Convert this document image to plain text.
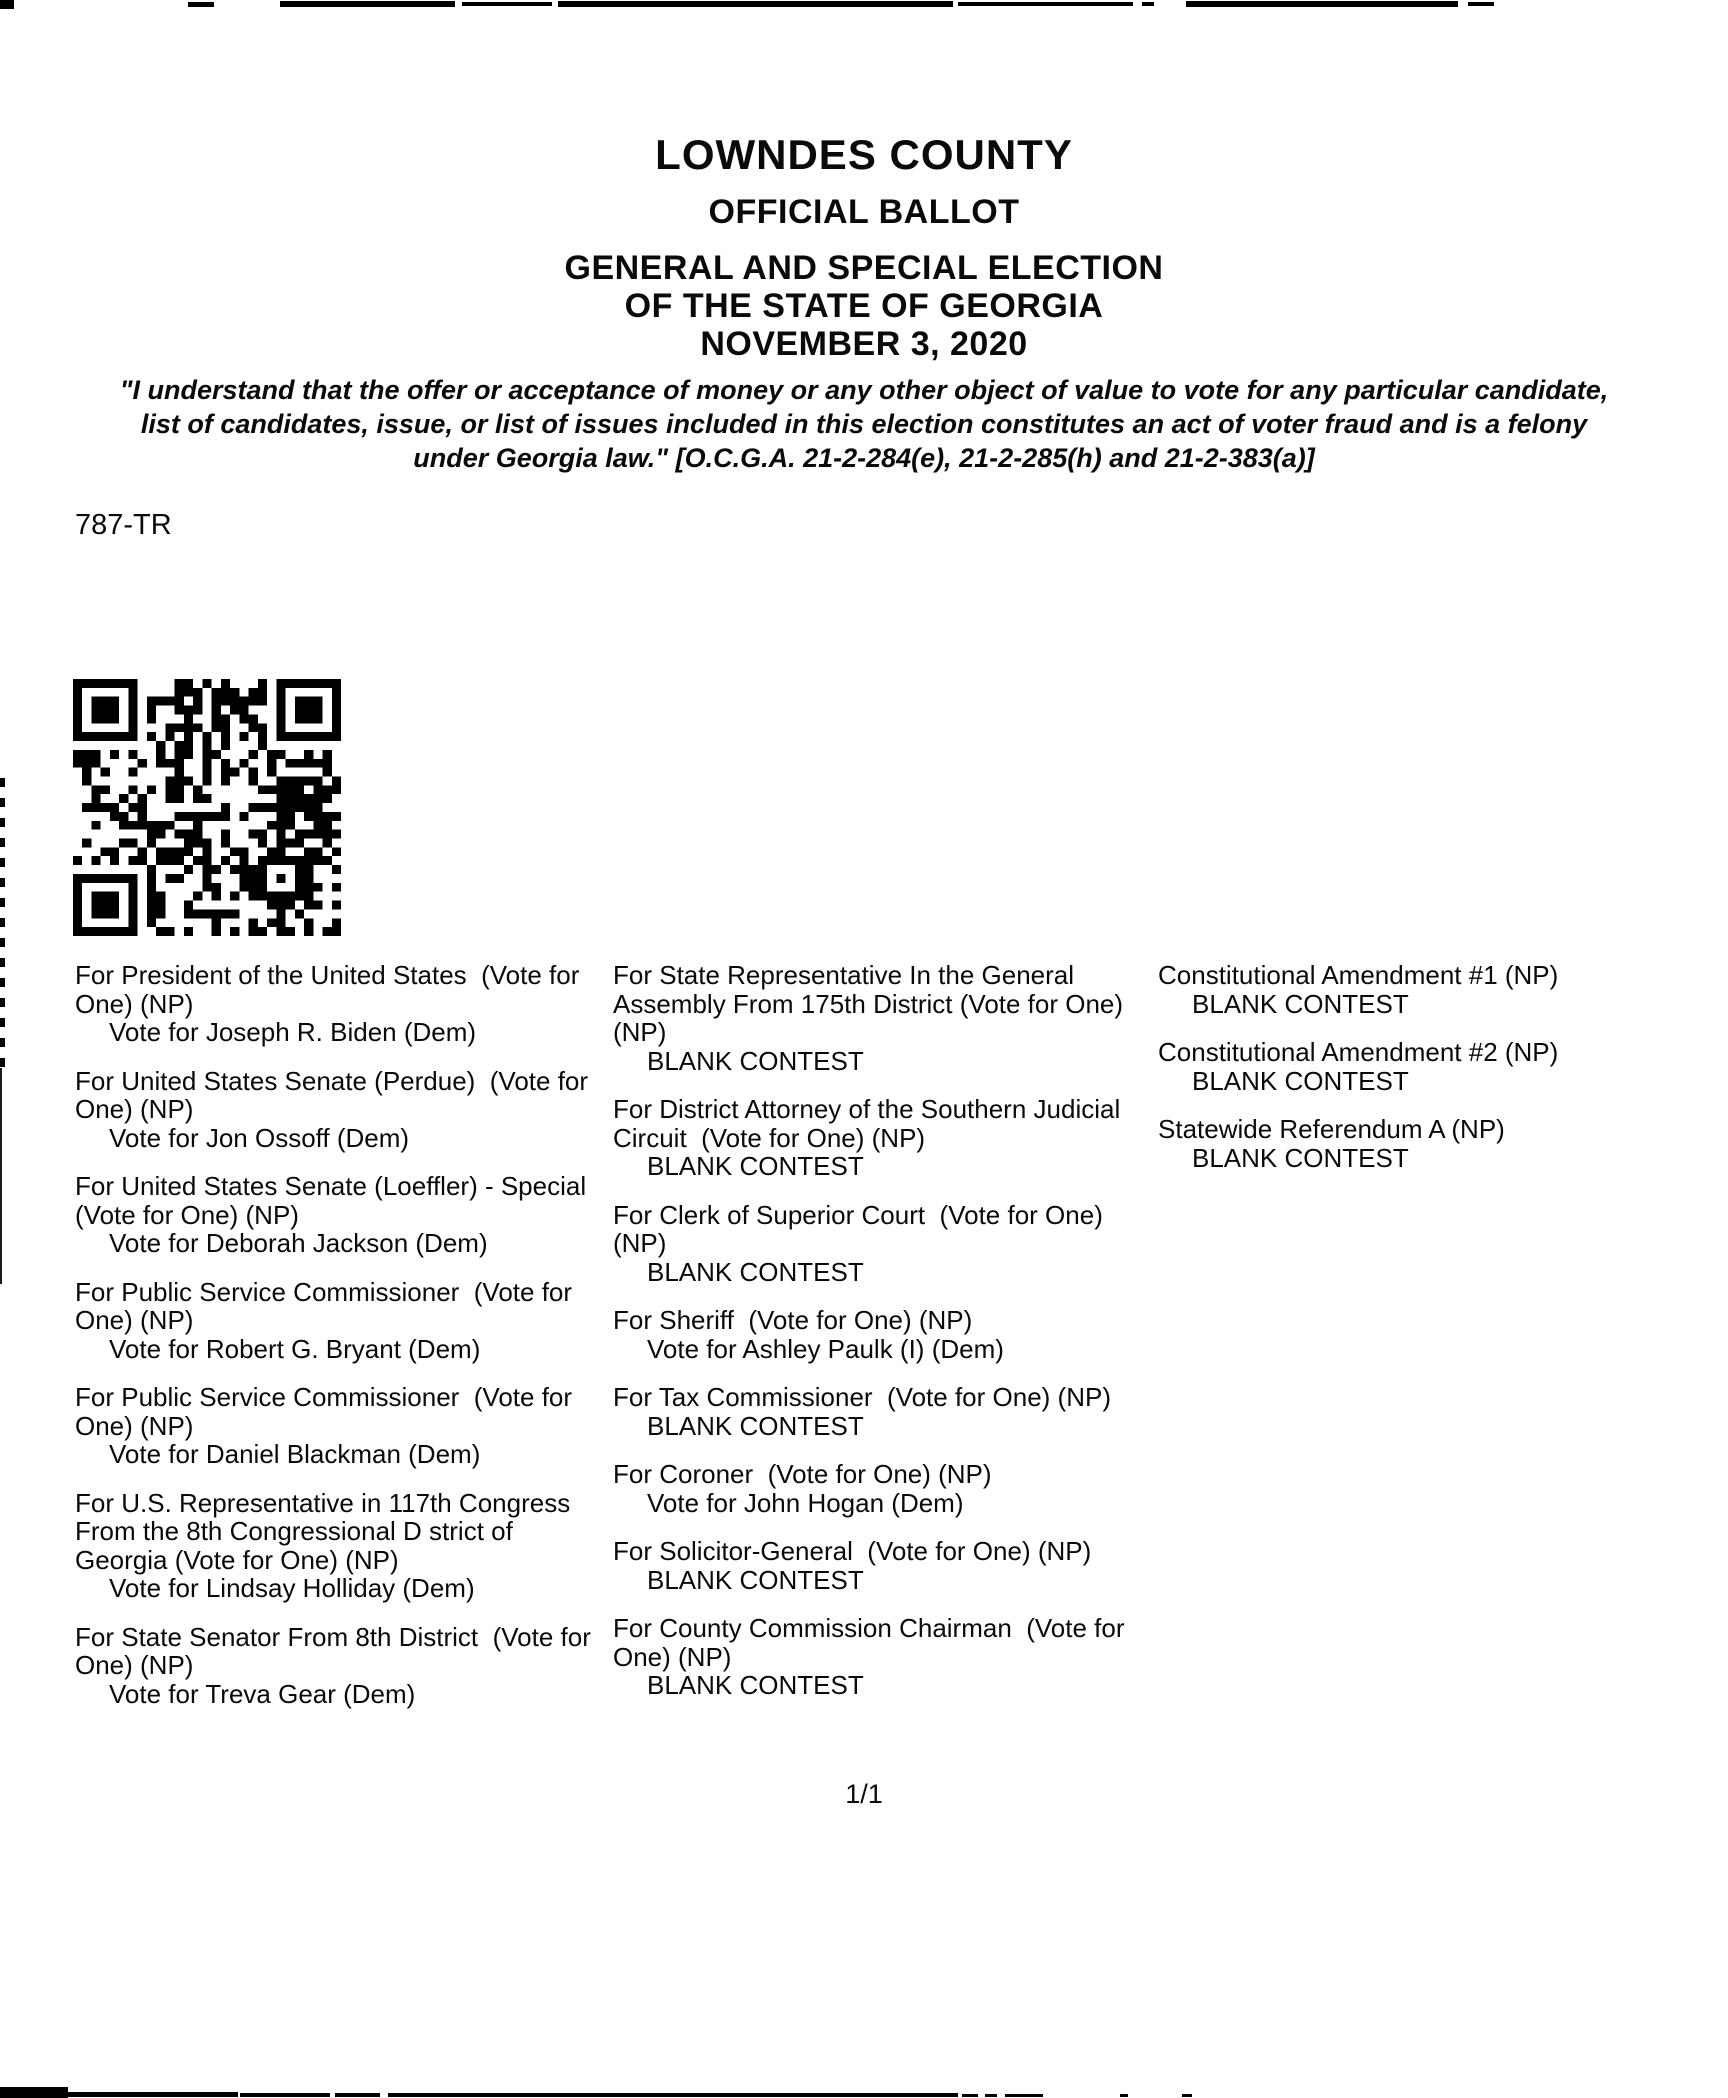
LOWNDES COUNTY
OFFICIAL BALLOT
GENERAL AND SPECIAL ELECTION
OF THE STATE OF GEORGIA
NOVEMBER 3, 2020
"I understand that the offer or acceptance of money or any other object of value to vote for any particular candidate,
list of candidates, issue, or list of issues included in this election constitutes an act of voter fraud and is a felony
under Georgia law." [O.C.G.A. 21-2-284(e), 21-2-285(h) and 21-2-383(a)]
787-TR
For President of the United States  (Vote for One) (NP)
Vote for Joseph R. Biden (Dem)
For United States Senate (Perdue)  (Vote for One) (NP)
Vote for Jon Ossoff (Dem)
For United States Senate (Loeffler) - Special  (Vote for One) (NP)
Vote for Deborah Jackson (Dem)
For Public Service Commissioner  (Vote for One) (NP)
Vote for Robert G. Bryant (Dem)
For Public Service Commissioner  (Vote for One) (NP)
Vote for Daniel Blackman (Dem)
For U.S. Representative in 117th Congress From the 8th Congressional D strict of Georgia (Vote for One) (NP)
Vote for Lindsay Holliday (Dem)
For State Senator From 8th District  (Vote for One) (NP)
Vote for Treva Gear (Dem)
For State Representative In the General Assembly From 175th District (Vote for One) (NP)
BLANK CONTEST
For District Attorney of the Southern Judicial Circuit  (Vote for One) (NP)
BLANK CONTEST
For Clerk of Superior Court  (Vote for One) (NP)
BLANK CONTEST
For Sheriff  (Vote for One) (NP)
Vote for Ashley Paulk (I) (Dem)
For Tax Commissioner  (Vote for One) (NP)
BLANK CONTEST
For Coroner  (Vote for One) (NP)
Vote for John Hogan (Dem)
For Solicitor-General  (Vote for One) (NP)
BLANK CONTEST
For County Commission Chairman  (Vote for One) (NP)
BLANK CONTEST
Constitutional Amendment #1 (NP)
BLANK CONTEST
Constitutional Amendment #2 (NP)
BLANK CONTEST
Statewide Referendum A (NP)
BLANK CONTEST
1/1
